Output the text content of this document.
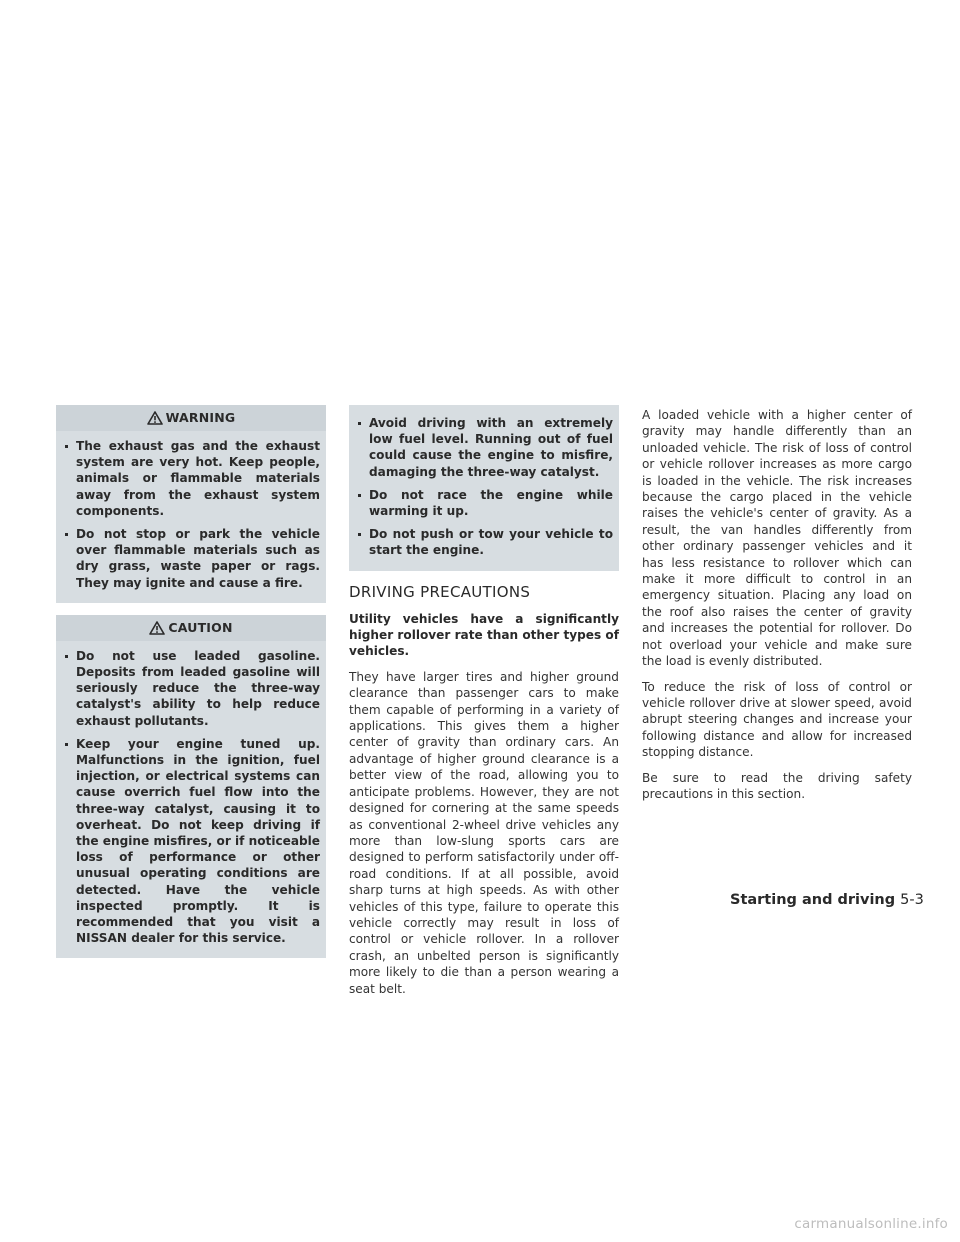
WARNING
The exhaust gas and the exhaust system are very hot. Keep people, animals or flammable materials away from the exhaust system components.
Do not stop or park the vehicle over flammable materials such as dry grass, waste paper or rags. They may ignite and cause a fire.
CAUTION
Do not use leaded gasoline. Deposits from leaded gasoline will seriously reduce the three-way catalyst's ability to help reduce exhaust pollutants.
Keep your engine tuned up. Malfunctions in the ignition, fuel injection, or electrical systems can cause overrich fuel flow into the three-way catalyst, causing it to overheat. Do not keep driving if the engine misfires, or if noticeable loss of performance or other unusual operating conditions are detected. Have the vehicle inspected promptly. It is recommended that you visit a NISSAN dealer for this service.
Avoid driving with an extremely low fuel level. Running out of fuel could cause the engine to misfire, damaging the three-way catalyst.
Do not race the engine while warming it up.
Do not push or tow your vehicle to start the engine.
DRIVING PRECAUTIONS

Utility vehicles have a significantly higher rollover rate than other types of vehicles.

They have larger tires and higher ground clearance than passenger cars to make them capable of performing in a variety of applications. This gives them a higher center of gravity than ordinary cars. An advantage of higher ground clearance is a better view of the road, allowing you to anticipate problems. However, they are not designed for cornering at the same speeds as conventional 2-wheel drive vehicles any more than low-slung sports cars are designed to perform satisfactorily under off-road conditions. If at all possible, avoid sharp turns at high speeds. As with other vehicles of this type, failure to operate this vehicle correctly may result in loss of control or vehicle rollover. In a rollover crash, an unbelted person is significantly more likely to die than a person wearing a seat belt.

A loaded vehicle with a higher center of gravity may handle differently than an unloaded vehicle. The risk of loss of control or vehicle rollover increases as more cargo is loaded in the vehicle. The risk increases because the cargo placed in the vehicle raises the vehicle's center of gravity. As a result, the van handles differently from other ordinary passenger vehicles and it has less resistance to rollover which can make it more difficult to control in an emergency situation. Placing any load on the roof also raises the center of gravity and increases the potential for rollover. Do not overload your vehicle and make sure the load is evenly distributed.

To reduce the risk of loss of control or vehicle rollover drive at slower speed, avoid abrupt steering changes and increase your following distance and allow for increased stopping distance.

Be sure to read the driving safety precautions in this section.

Starting and driving 5-3
carmanualsonline.info
